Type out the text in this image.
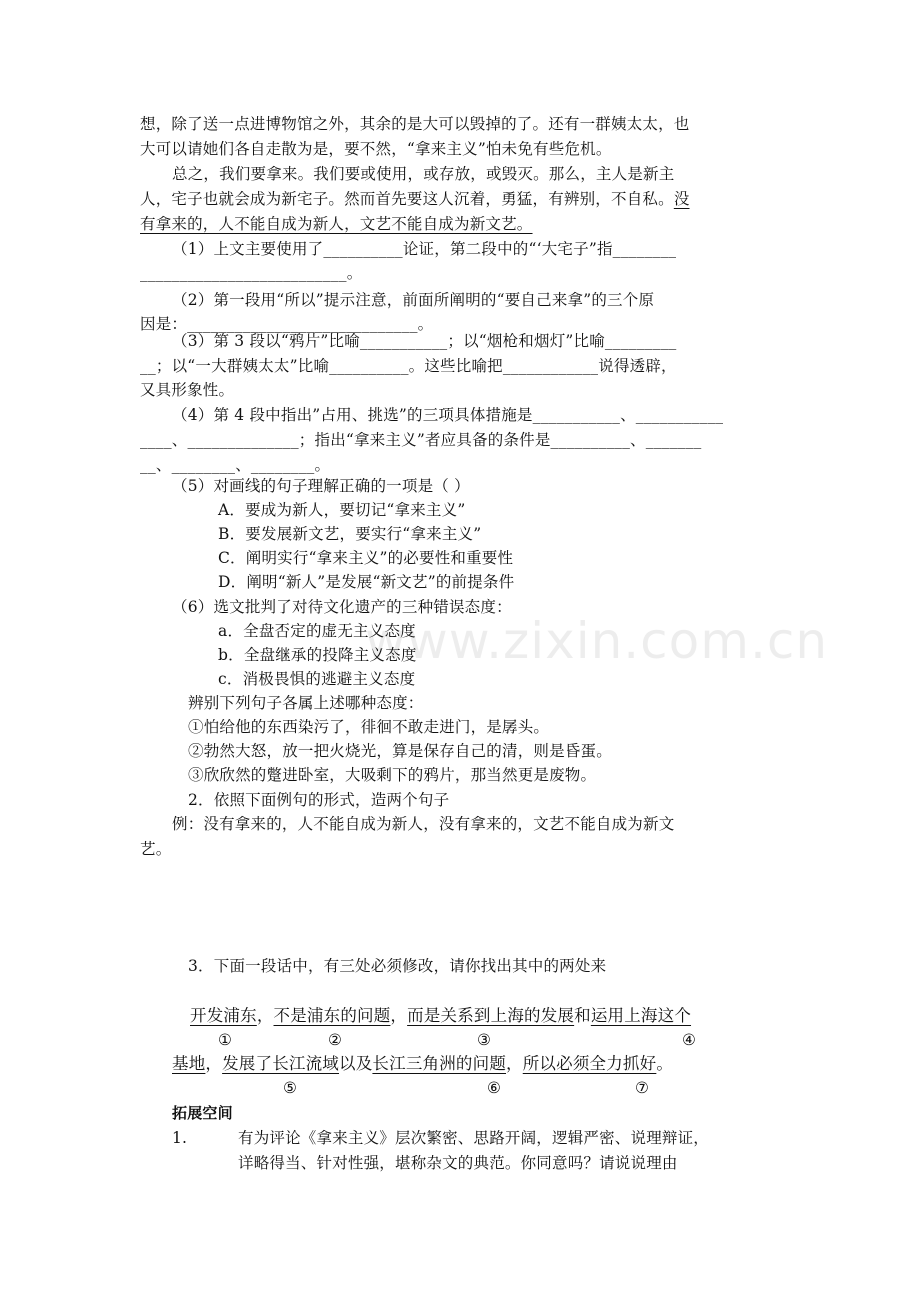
www.zixin.com.cn
想，除了送一点进博物馆之外，其余的是大可以毁掉的了。还有一群姨太太，也
大可以请她们各自走散为是，要不然，“拿来主义”怕未免有些危机。
总之，我们要拿来。我们要或使用，或存放，或毁灭。那么，主人是新主
人，宅子也就会成为新宅子。然而首先要这人沉着，勇猛，有辨别，不自私。没
有拿来的，人不能自成为新人，文艺不能自成为新文艺。
（1）上文主要使用了__________论证，第二段中的“‘大宅子”指________
__________________________。
（2）第一段用“所以”提示注意，前面所阐明的“要自己来拿”的三个原
因是：_____________________________。
（3）第 3 段以“鸦片”比喻___________；以“烟枪和烟灯”比喻_________
__；以“一大群姨太太”比喻__________。这些比喻把____________说得透辟，
又具形象性。
（4）第 4 段中指出”占用、挑选”的三项具体措施是___________、___________
____、______________；指出“拿来主义”者应具备的条件是__________、_______
__、________、________。
（5）对画线的句子理解正确的一项是（ ）
A．要成为新人，要切记“拿来主义”
B．要发展新文艺，要实行“拿来主义”
C．阐明实行“拿来主义”的必要性和重要性
D．阐明“新人”是发展“新文艺”的前提条件
（6）选文批判了对待文化遗产的三种错误态度：
a．全盘否定的虚无主义态度
b．全盘继承的投降主义态度
c．消极畏惧的逃避主义态度
辨别下列句子各属上述哪种态度：
①怕给他的东西染污了，徘徊不敢走进门，是孱头。
②勃然大怒，放一把火烧光，算是保存自己的清，则是昏蛋。
③欣欣然的蹩进卧室，大吸剩下的鸦片，那当然更是废物。
2．依照下面例句的形式，造两个句子
例：没有拿来的，人不能自成为新人，没有拿来的，文艺不能自成为新文
艺。
3．下面一段话中，有三处必须修改，请你找出其中的两处来
开发浦东，不是浦东的问题，而是关系到上海的发展和运用上海这个
①	②	③	④
基地，发展了长江流域以及长江三角洲的问题，所以必须全力抓好。
⑤	⑥	⑦
拓展空间
1.	有为评论《拿来主义》层次繁密、思路开阔，逻辑严密、说理辩证，
详略得当、针对性强，堪称杂文的典范。你同意吗？请说说理由
